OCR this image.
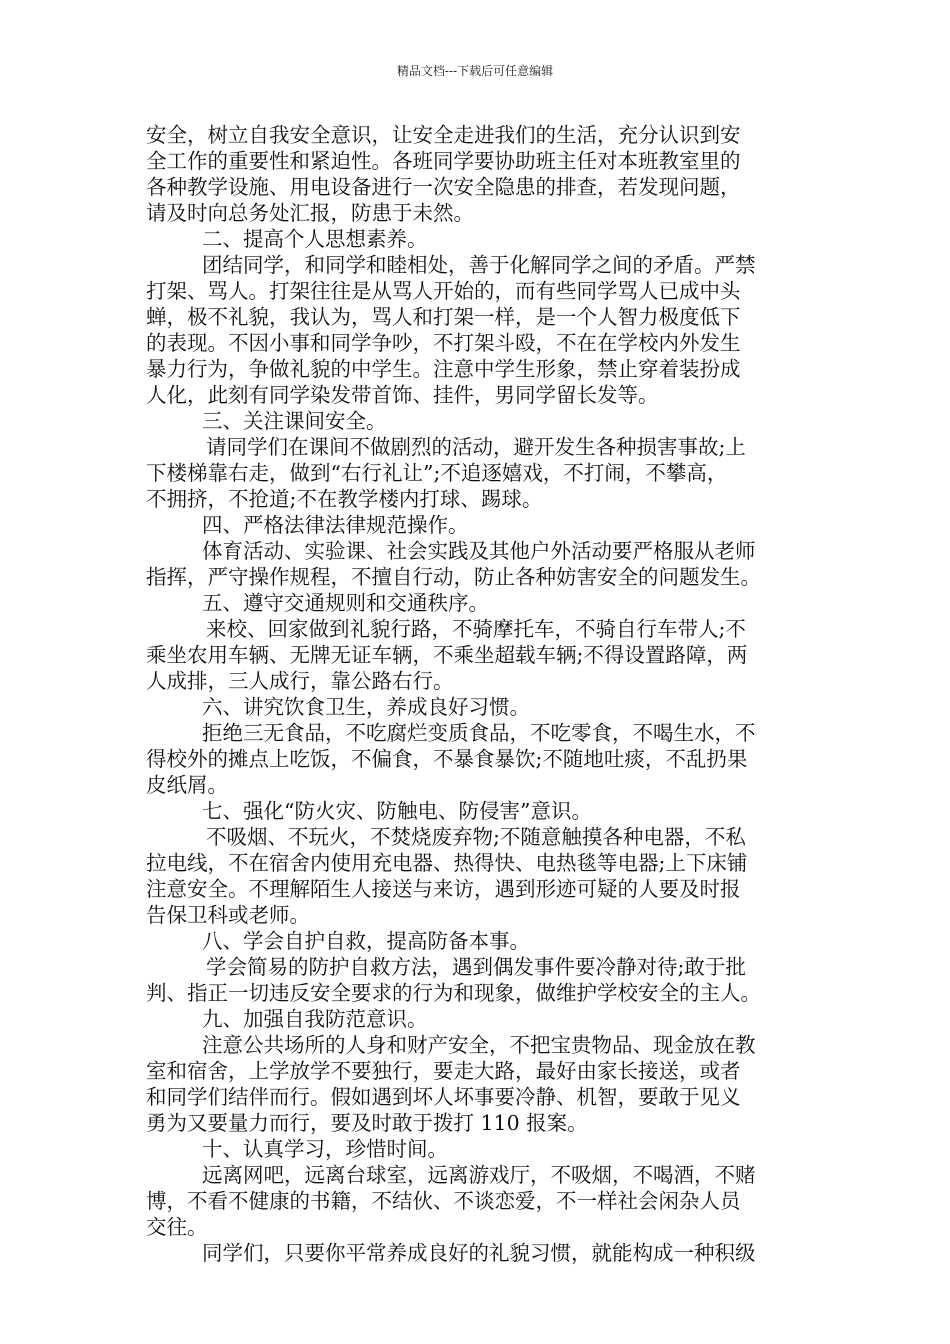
精品文档---下载后可任意编辑
安全，树立自我安全意识，让安全走进我们的生活，充分认识到安
全工作的重要性和紧迫性。各班同学要协助班主任对本班教室里的
各种教学设施、用电设备进行一次安全隐患的排查，若发现问题，
请及时向总务处汇报，防患于未然。
二、提高个人思想素养。
团结同学，和同学和睦相处，善于化解同学之间的矛盾。严禁
打架、骂人。打架往往是从骂人开始的，而有些同学骂人已成中头
蝉，极不礼貌，我认为，骂人和打架一样，是一个人智力极度低下
的表现。不因小事和同学争吵，不打架斗殴，不在在学校内外发生
暴力行为，争做礼貌的中学生。注意中学生形象，禁止穿着装扮成
人化，此刻有同学染发带首饰、挂件，男同学留长发等。
三、关注课间安全。
请同学们在课间不做剧烈的活动，避开发生各种损害事故;上
下楼梯靠右走，做到“右行礼让”;不追逐嬉戏，不打闹，不攀高，
不拥挤，不抢道;不在教学楼内打球、踢球。
四、严格法律法律规范操作。
体育活动、实验课、社会实践及其他户外活动要严格服从老师
指挥，严守操作规程，不擅自行动，防止各种妨害安全的问题发生。
五、遵守交通规则和交通秩序。
来校、回家做到礼貌行路，不骑摩托车，不骑自行车带人;不
乘坐农用车辆、无牌无证车辆，不乘坐超载车辆;不得设置路障，两
人成排，三人成行，靠公路右行。
六、讲究饮食卫生，养成良好习惯。
拒绝三无食品，不吃腐烂变质食品，不吃零食，不喝生水，不
得校外的摊点上吃饭，不偏食，不暴食暴饮;不随地吐痰，不乱扔果
皮纸屑。
七、强化“防火灾、防触电、防侵害”意识。
不吸烟、不玩火，不焚烧废弃物;不随意触摸各种电器，不私
拉电线，不在宿舍内使用充电器、热得快、电热毯等电器;上下床铺
注意安全。不理解陌生人接送与来访，遇到形迹可疑的人要及时报
告保卫科或老师。
八、学会自护自救，提高防备本事。
学会简易的防护自救方法，遇到偶发事件要冷静对待;敢于批
判、指正一切违反安全要求的行为和现象，做维护学校安全的主人。
九、加强自我防范意识。
注意公共场所的人身和财产安全，不把宝贵物品、现金放在教
室和宿舍，上学放学不要独行，要走大路，最好由家长接送，或者
和同学们结伴而行。假如遇到坏人坏事要冷静、机智，要敢于见义
勇为又要量力而行，要及时敢于拨打 110 报案。
十、认真学习，珍惜时间。
远离网吧，远离台球室，远离游戏厅，不吸烟，不喝酒，不赌
博，不看不健康的书籍，不结伙、不谈恋爱，不一样社会闲杂人员
交往。
同学们，只要你平常养成良好的礼貌习惯，就能构成一种积级
